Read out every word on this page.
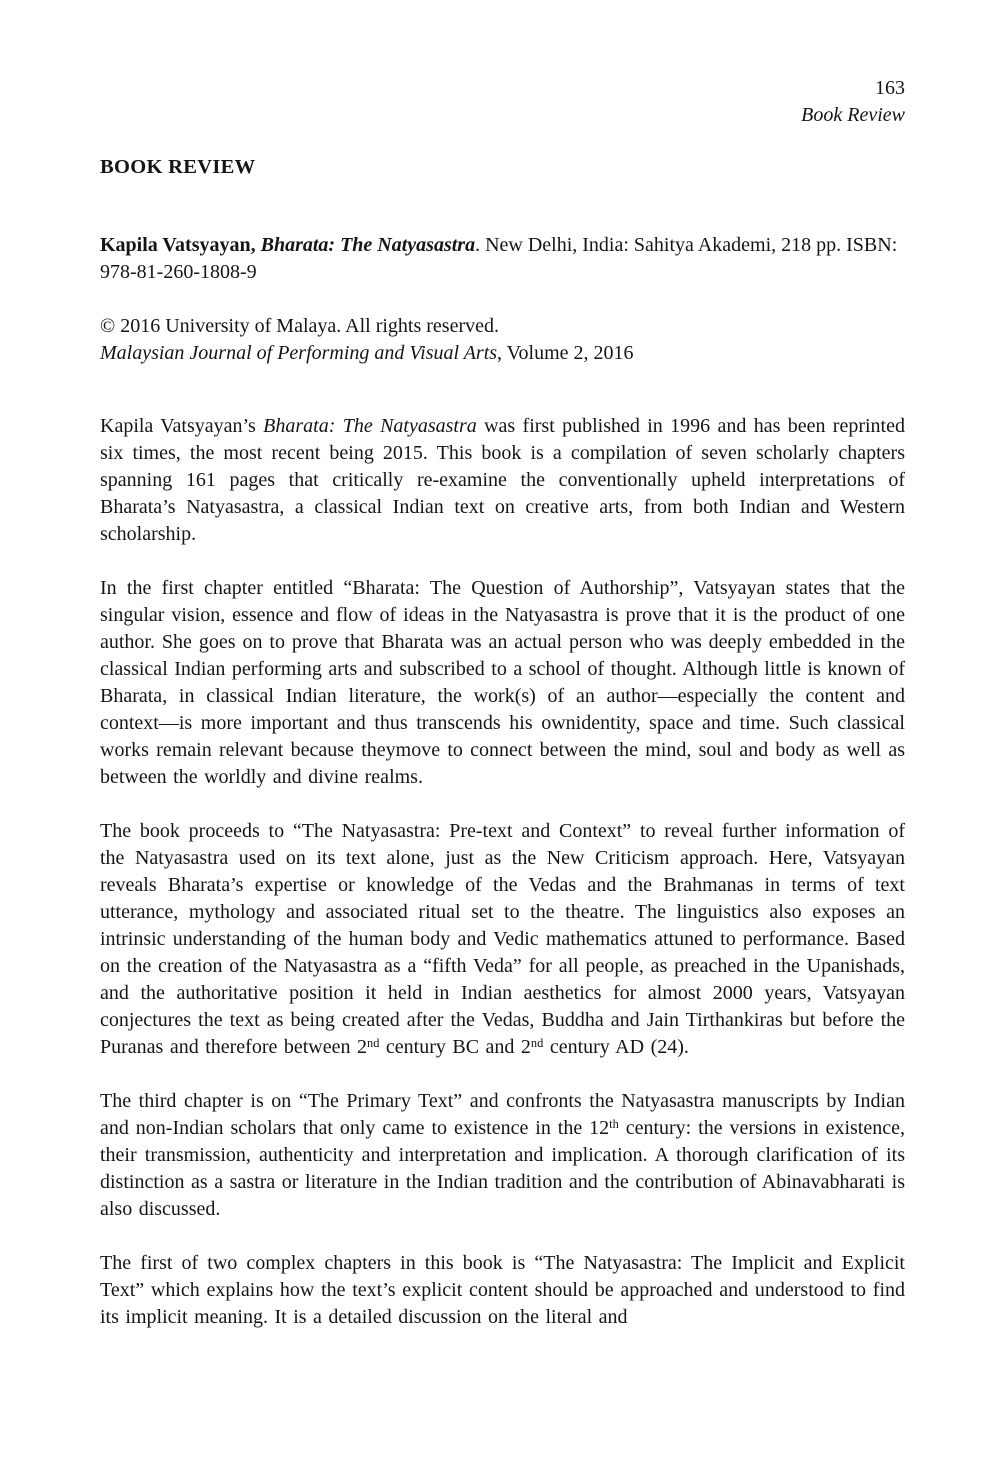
163
Book Review
BOOK REVIEW
Kapila Vatsyayan, Bharata: The Natyasastra. New Delhi, India: Sahitya Akademi, 218 pp. ISBN: 978-81-260-1808-9
© 2016 University of Malaya. All rights reserved.
Malaysian Journal of Performing and Visual Arts, Volume 2, 2016

Kapila Vatsyayan’s Bharata: The Natyasastra was first published in 1996 and has been reprinted six times, the most recent being 2015. This book is a compilation of seven scholarly chapters spanning 161 pages that critically re-examine the conventionally upheld interpretations of Bharata’s Natyasastra, a classical Indian text on creative arts, from both Indian and Western scholarship.

In the first chapter entitled “Bharata: The Question of Authorship”, Vatsyayan states that the singular vision, essence and flow of ideas in the Natyasastra is prove that it is the product of one author. She goes on to prove that Bharata was an actual person who was deeply embedded in the classical Indian performing arts and subscribed to a school of thought. Although little is known of Bharata, in classical Indian literature, the work(s) of an author—especially the content and context—is more important and thus transcends his ownidentity, space and time. Such classical works remain relevant because theymove to connect between the mind, soul and body as well as between the worldly and divine realms.

The book proceeds to “The Natyasastra: Pre-text and Context” to reveal further information of the Natyasastra used on its text alone, just as the New Criticism approach. Here, Vatsyayan reveals Bharata’s expertise or knowledge of the Vedas and the Brahmanas in terms of text utterance, mythology and associated ritual set to the theatre. The linguistics also exposes an intrinsic understanding of the human body and Vedic mathematics attuned to performance. Based on the creation of the Natyasastra as a “fifth Veda” for all people, as preached in the Upanishads, and the authoritative position it held in Indian aesthetics for almost 2000 years, Vatsyayan conjectures the text as being created after the Vedas, Buddha and Jain Tirthankiras but before the Puranas and therefore between 2nd century BC and 2nd century AD (24).

The third chapter is on “The Primary Text” and confronts the Natyasastra manuscripts by Indian and non-Indian scholars that only came to existence in the 12th century: the versions in existence, their transmission, authenticity and interpretation and implication. A thorough clarification of its distinction as a sastra or literature in the Indian tradition and the contribution of Abinavabharati is also discussed.

The first of two complex chapters in this book is “The Natyasastra: The Implicit and Explicit Text” which explains how the text’s explicit content should be approached and understood to find its implicit meaning. It is a detailed discussion on the literal and
